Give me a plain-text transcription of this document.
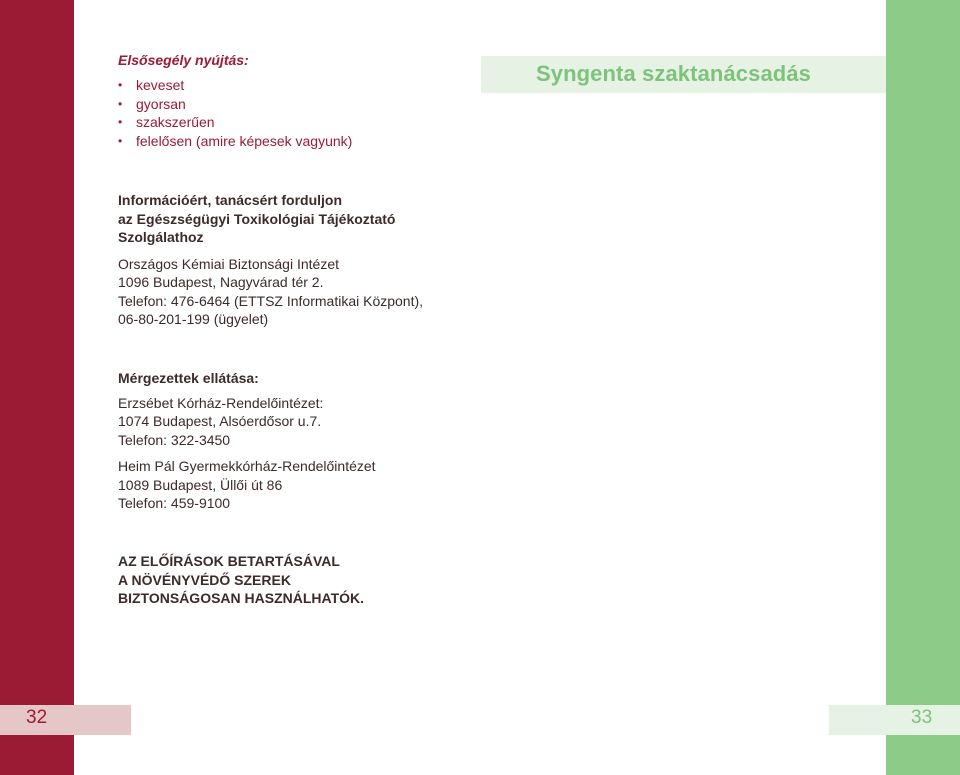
Syngenta szaktanácsadás
Elsősegély nyújtás:
• keveset
• gyorsan
• szakszerűen
• felelősen (amire képesek vagyunk)
Információért, tanácsért forduljon
az Egészségügyi Toxikológiai Tájékoztató
Szolgálathoz
Országos Kémiai Biztonsági Intézet
1096 Budapest, Nagyvárad tér 2.
Telefon: 476-6464 (ETTSZ Informatikai Központ),
06-80-201-199 (ügyelet)
Mérgezettek ellátása:
Erzsébet Kórház-Rendelőintézet:
1074 Budapest, Alsóerdősor u.7.
Telefon: 322-3450
Heim Pál Gyermekkórház-Rendelőintézet
1089 Budapest, Üllői út 86
Telefon: 459-9100
AZ ELŐÍRÁSOK BETARTÁSÁVAL
A NÖVÉNYVÉDŐ SZEREK
BIZTONSÁGOSAN HASZNÁLHATÓK.
32	33
